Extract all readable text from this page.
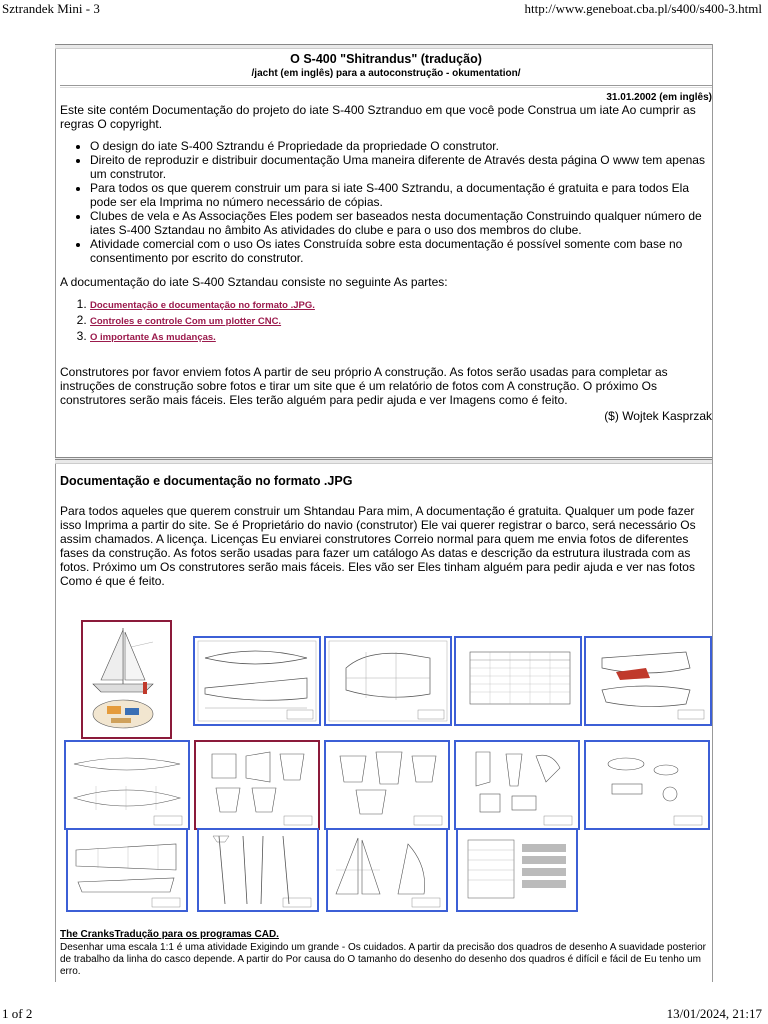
Sztrandek Mini - 3	http://www.geneboat.cba.pl/s400/s400-3.html
O S-400 "Shitrandus" (tradução)
/jacht (em inglês) para a autoconstrução - okumentation/
31.01.2002 (em inglês)

Este site contém Documentação do projeto do iate S-400 Sztranduo em que você pode Construa um iate Ao cumprir as regras O copyright.

• O design do iate S-400 Sztrandu é Propriedade da propriedade O construtor.
• Direito de reproduzir e distribuir documentação Uma maneira diferente de Através desta página O www tem apenas um construtor.
• Para todos os que querem construir um para si iate S-400 Sztrandu, a documentação é gratuita e para todos Ela pode ser ela Imprima no número necessário de cópias.
• Clubes de vela e As Associações Eles podem ser baseados nesta documentação Construindo qualquer número de iates S-400 Sztandau no âmbito As atividades do clube e para o uso dos membros do clube.
• Atividade comercial com o uso Os iates Construída sobre esta documentação é possível somente com base no consentimento por escrito do construtor.

A documentação do iate S-400 Sztandau consiste no seguinte As partes:

1. Documentação e documentação no formato .JPG.
2. Controles e controle Com um plotter CNC.
3. O importante As mudanças.

Construtores por favor enviem fotos A partir de seu próprio A construção. As fotos serão usadas para completar as instruções de construção sobre fotos e tirar um site que é um relatório de fotos com A construção. O próximo Os construtores serão mais fáceis. Eles terão alguém para pedir ajuda e ver Imagens como é feito.

($) Wojtek Kasprzak
Documentação e documentação no formato .JPG

Para todos aqueles que querem construir um Shtandau Para mim, A documentação é gratuita. Qualquer um pode fazer isso Imprima a partir do site. Se é Proprietário do navio (construtor) Ele vai querer registrar o barco, será necessário Os assim chamados. A licença. Licenças Eu enviarei construtores Correio normal para quem me envia fotos de diferentes fases da construção. As fotos serão usadas para fazer um catálogo As datas e descrição da estrutura ilustrada com as fotos. Próximo um Os construtores serão mais fáceis. Eles vão ser Eles tinham alguém para pedir ajuda e ver nas fotos Como é que é feito.

The CranksTradução para os programas CAD.

Desenhar uma escala 1:1 é uma atividade Exigindo um grande - Os cuidados. A partir da precisão dos quadros de desenho A suavidade posterior de trabalho da linha do casco depende. A partir do Por causa do O tamanho do desenho do desenho dos quadros é difícil e fácil de Eu tenho um erro.

1 of 2	13/01/2024, 21:17
